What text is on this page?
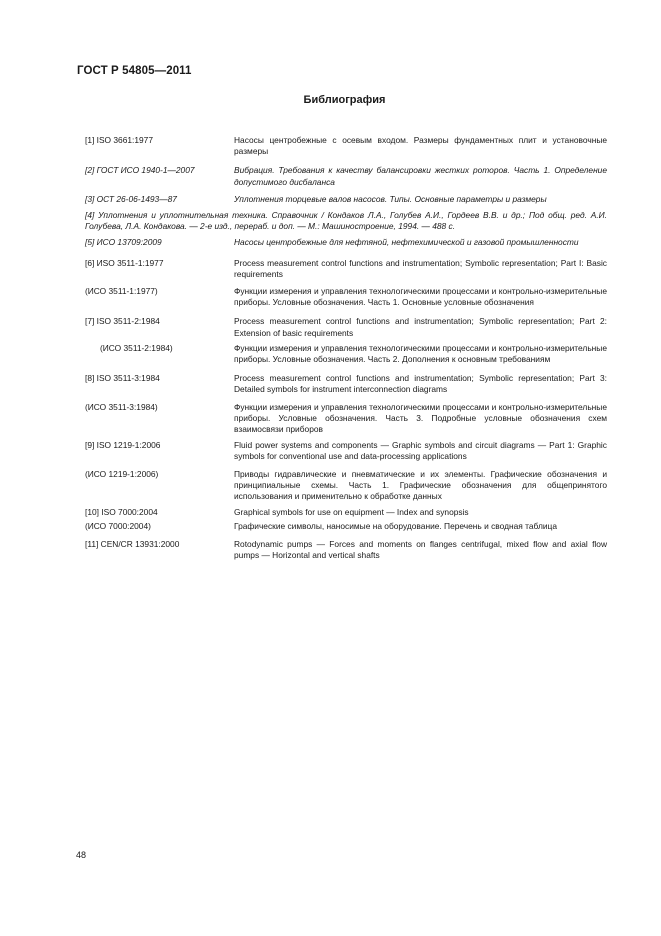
ГОСТ Р 54805—2011
Библиография
[1] ISO 3661:1977	Насосы центробежные с осевым входом. Размеры фундаментных плит и установочные размеры
[2] ГОСТ ИСО 1940-1—2007	Вибрация. Требования к качеству балансировки жестких роторов. Часть 1. Определение допустимого дисбаланса
[3] ОСТ 26-06-1493—87	Уплотнения торцевые валов насосов. Типы. Основные параметры и размеры
[4] Уплотнения и уплотнительная техника. Справочник / Кондаков Л.А., Голубев А.И., Гордеев В.В. и др.; Под общ. ред. А.И. Голубева, Л.А. Кондакова. — 2-е изд., перераб. и доп. — М.: Машиностроение, 1994. — 488 с.
[5] ИСО 13709:2009	Насосы центробежные для нефтяной, нефтехимической и газовой промышленности
[6] ИSO 3511-1:1977	Process measurement control functions and instrumentation; Symbolic representation; Part I: Basic requirements
(ИСО 3511-1:1977)	Функции измерения и управления технологическими процессами и контрольно-измерительные приборы. Условные обозначения. Часть 1. Основные условные обозначения
[7] ISO 3511-2:1984	Process measurement control functions and instrumentation; Symbolic representation; Part 2: Extension of basic requirements
(ИСО 3511-2:1984)	Функции измерения и управления технологическими процессами и контрольно-измерительные приборы. Условные обозначения. Часть 2. Дополнения к основным требованиям
[8] ISO 3511-3:1984	Process measurement control functions and instrumentation; Symbolic representation; Part 3: Detailed symbols for instrument interconnection diagrams
(ИСО 3511-3:1984)	Функции измерения и управления технологическими процессами и контрольно-измерительные приборы. Условные обозначения. Часть 3. Подробные условные обозначения схем взаимосвязи приборов
[9] ISO 1219-1:2006	Fluid power systems and components — Graphic symbols and circuit diagrams — Part 1: Graphic symbols for conventional use and data-processing applications
(ИСО 1219-1:2006)	Приводы гидравлические и пневматические и их элементы. Графические обозначения и принципиальные схемы. Часть 1. Графические обозначения для общепринятого использования и применительно к обработке данных
[10] ISO 7000:2004	Graphical symbols for use on equipment — Index and synopsis
(ИСО 7000:2004)	Графические символы, наносимые на оборудование. Перечень и сводная таблица
[11] CEN/CR 13931:2000	Rotodynamic pumps — Forces and moments on flanges centrifugal, mixed flow and axial flow pumps — Horizontal and vertical shafts
48
